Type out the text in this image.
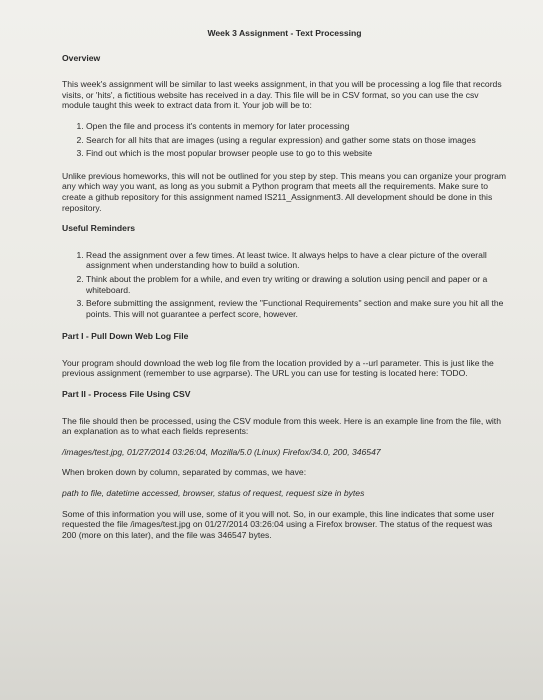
Week 3 Assignment - Text Processing
Overview

This week's assignment will be similar to last weeks assignment, in that you will be processing a log file that records visits, or 'hits', a fictitious website has received in a day. This file will be in CSV format, so you can use the csv module taught this week to extract data from it. Your job will be to:

1. Open the file and process it's contents in memory for later processing
2. Search for all hits that are images (using a regular expression) and gather some stats on those images
3. Find out which is the most popular browser people use to go to this website

Unlike previous homeworks, this will not be outlined for you step by step. This means you can organize your program any which way you want, as long as you submit a Python program that meets all the requirements. Make sure to create a github repository for this assignment named IS211_Assignment3. All development should be done in this repository.

Useful Reminders
1. Read the assignment over a few times. At least twice. It always helps to have a clear picture of the overall assignment when understanding how to build a solution.
2. Think about the problem for a while, and even try writing or drawing a solution using pencil and paper or a whiteboard.
3. Before submitting the assignment, review the "Functional Requirements" section and make sure you hit all the points. This will not guarantee a perfect score, however.
Part I - Pull Down Web Log File

Your program should download the web log file from the location provided by a --url parameter. This is just like the previous assignment (remember to use agrparse). The URL you can use for testing is located here: TODO.

Part II - Process File Using CSV

The file should then be processed, using the CSV module from this week. Here is an example line from the file, with an explanation as to what each fields represents:

/images/test.jpg, 01/27/2014 03:26:04, Mozilla/5.0 (Linux) Firefox/34.0, 200, 346547

When broken down by column, separated by commas, we have:

path to file, datetime accessed, browser, status of request, request size in bytes

Some of this information you will use, some of it you will not. So, in our example, this line indicates that some user requested the file /images/test.jpg on 01/27/2014 03:26:04 using a Firefox browser. The status of the request was 200 (more on this later), and the file was 346547 bytes.
